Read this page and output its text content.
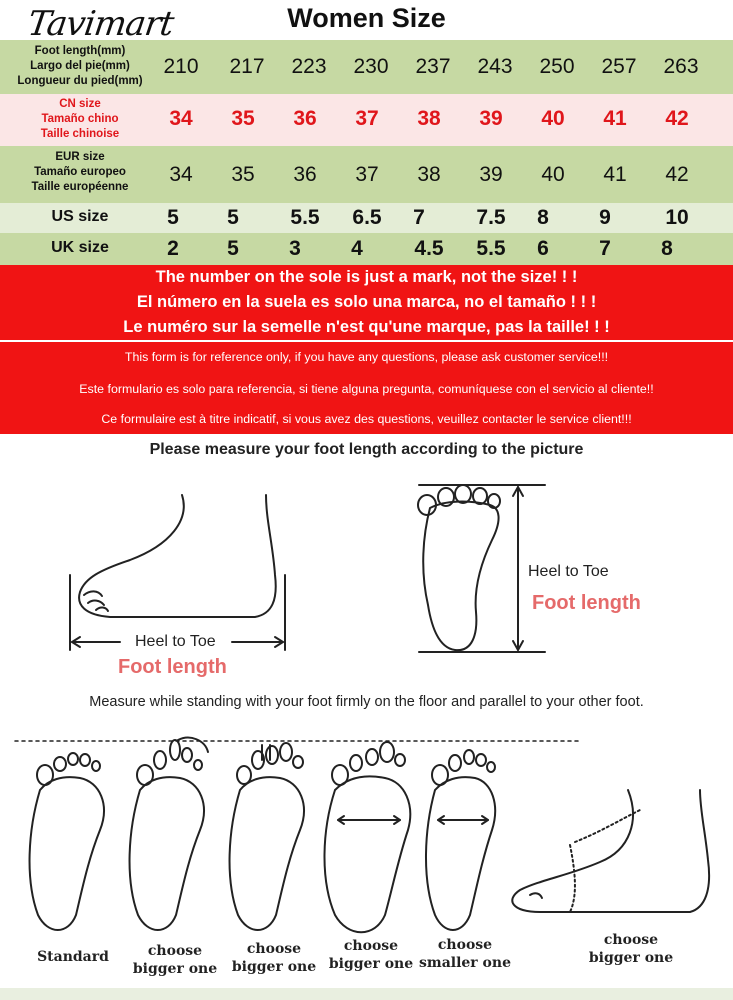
Women Size
Foot length(mm)
Largo del pie(mm)
Longueur du pied(mm)
210	217	223	230	237	243	250	257	263
Tavimart
CN size
Tamaño chino
Taille chinoise
34	35	36	37	38	39	40	41	42
EUR size
Tamaño europeo
Taille européenne
34	35	36	37	38	39	40	41	42
US size	5	5	5.5	6.5	7	7.5	8	9	10
UK size	2	5	3	4	4.5	5.5	6	7	8
The number on the sole is just a mark, not the size! ! !
El número en la suela es solo una marca, no el tamaño ! ! !
Le numéro sur la semelle n'est qu'une marque, pas la taille! ! !
This form is for reference only, if you have any questions, please ask customer service!!!
Este formulario es solo para referencia, si tiene alguna pregunta, comuníquese con el servicio al cliente!!
Ce formulaire est à titre indicatif, si vous avez des questions, veuillez contacter le service client!!!
Please measure your foot length according to the picture
Heel to Toe
Foot length
Heel to Toe
Foot length
Measure while standing with your foot firmly on the floor and parallel to your other foot.
Standard	choose
bigger one
choose
bigger one
choose
bigger one
choose
smaller one
choose
bigger one
